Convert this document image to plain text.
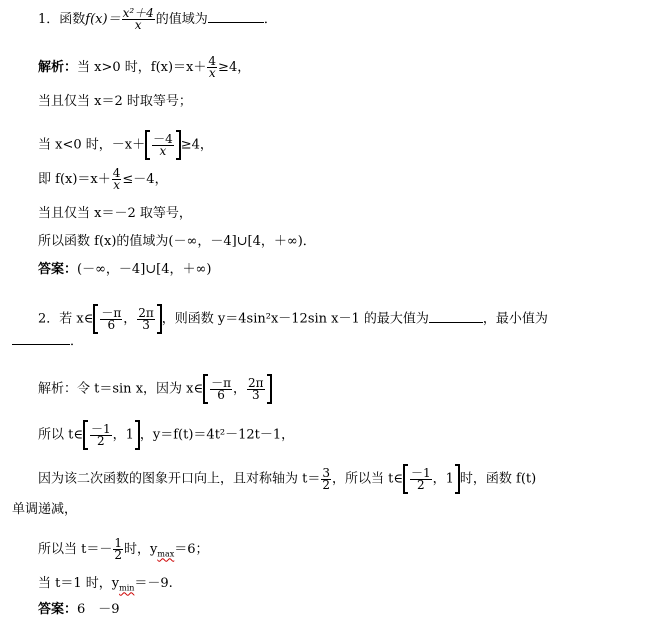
1．函数$f(x)= \frac{\text{x²＋4}}{x}$ 的值域为	．
解析：当 x>0 时，$f(x)=x+ \frac{4}{x} \ge 4$，
当且仅当 x＝2 时取等号；
当 x<0 时，$-x+ \frac{-4}{x} \ge 4$，
即 $f(x)=x+ \frac{4}{x} \le-4$，
当且仅当 x＝－2 取等号，
所以函数 f(x)的值域为(－∞，－4]∪[4，＋∞)．
答案：(－∞，－4]∪[4，＋∞)
2．若 x∈ $\frac{-\pi}{6}$ ， $\frac{2\pi}{3}$ ，则函数 y＝4sin²x－12sin x－1 的最大值为	，最小值为
．
解析：令 t＝sin x，因为 x∈ $\frac{-\pi}{6}$ ， $\frac{2\pi}{3}$
所以 t∈ $\frac{-1}{2}$ ，1 ，y＝f(t)＝4t²－12t－1，
因为该二次函数的图象开口向上，且对称轴为 $t= \frac{3}{2}$ ，所以当 t∈ $\frac{-1}{2}$ ，1 时，函数 f(t)
单调递减，
所以当 $t=- \frac{1}{2}$ 时，$y_{max}=6$；
当 t＝1 时，$y_{min}=-9$.
答案：6　－9
